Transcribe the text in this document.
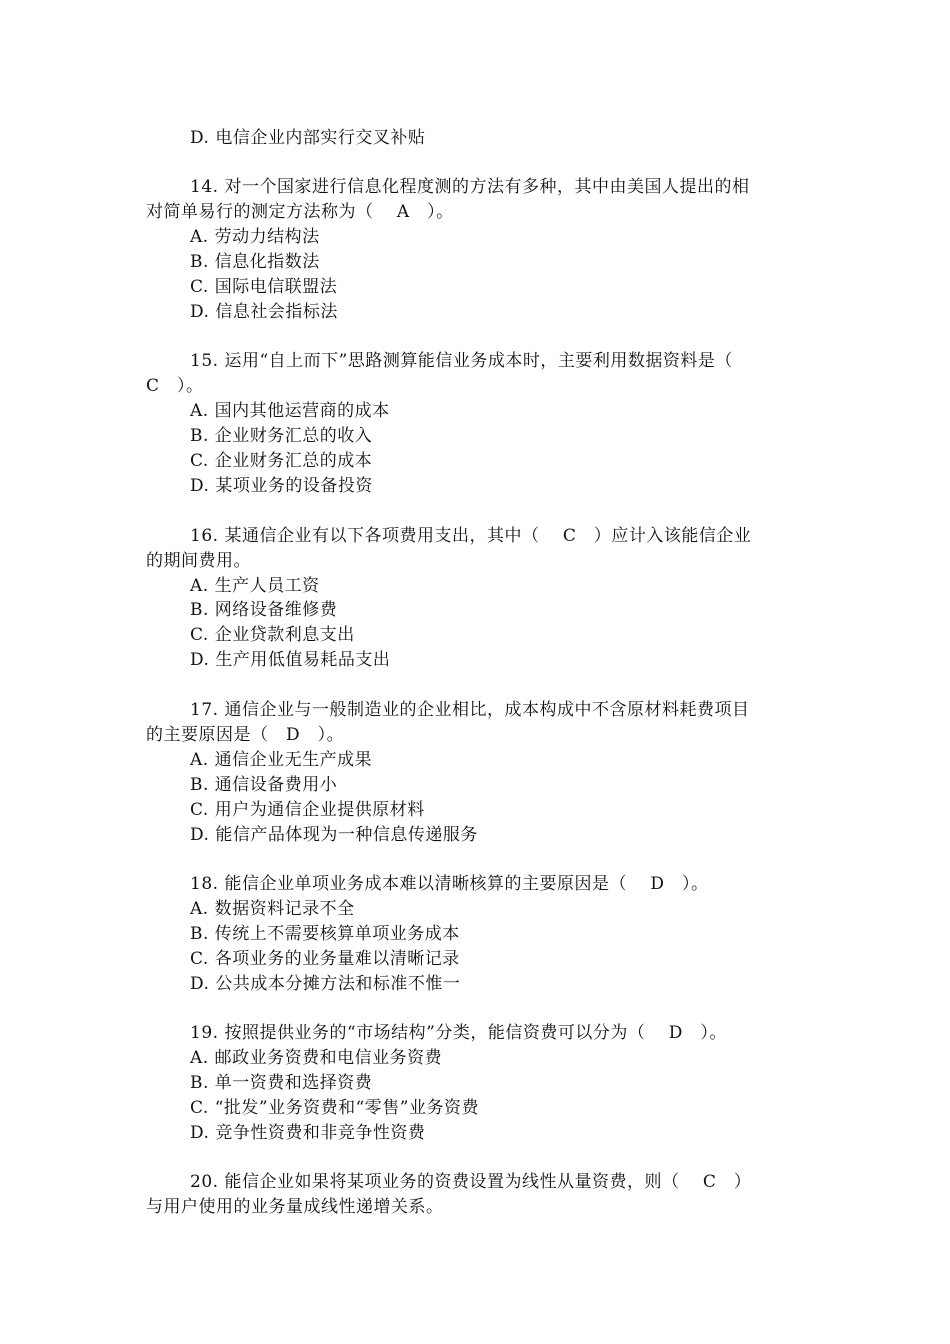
D. 电信企业内部实行交叉补贴
14. 对一个国家进行信息化程度测的方法有多种，其中由美国人提出的相
对简单易行的测定方法称为（　 A　）。
A. 劳动力结构法
B. 信息化指数法
C. 国际电信联盟法
D. 信息社会指标法
15. 运用“自上而下”思路测算能信业务成本时，主要利用数据资料是（
C　）。
A. 国内其他运营商的成本
B. 企业财务汇总的收入
C. 企业财务汇总的成本
D. 某项业务的设备投资
16. 某通信企业有以下各项费用支出，其中（　 C　）应计入该能信企业
的期间费用。
A. 生产人员工资
B. 网络设备维修费
C. 企业贷款利息支出
D. 生产用低值易耗品支出
17. 通信企业与一般制造业的企业相比，成本构成中不含原材料耗费项目
的主要原因是（　D　）。
A. 通信企业无生产成果
B. 通信设备费用小
C. 用户为通信企业提供原材料
D. 能信产品体现为一种信息传递服务
18. 能信企业单项业务成本难以清晰核算的主要原因是（　 D　）。
A. 数据资料记录不全
B. 传统上不需要核算单项业务成本
C. 各项业务的业务量难以清晰记录
D. 公共成本分摊方法和标准不惟一
19. 按照提供业务的“市场结构”分类，能信资费可以分为（　 D　）。
A. 邮政业务资费和电信业务资费
B. 单一资费和选择资费
C. “批发”业务资费和“零售”业务资费
D. 竞争性资费和非竞争性资费
20. 能信企业如果将某项业务的资费设置为线性从量资费，则（　 C　）
与用户使用的业务量成线性递增关系。
